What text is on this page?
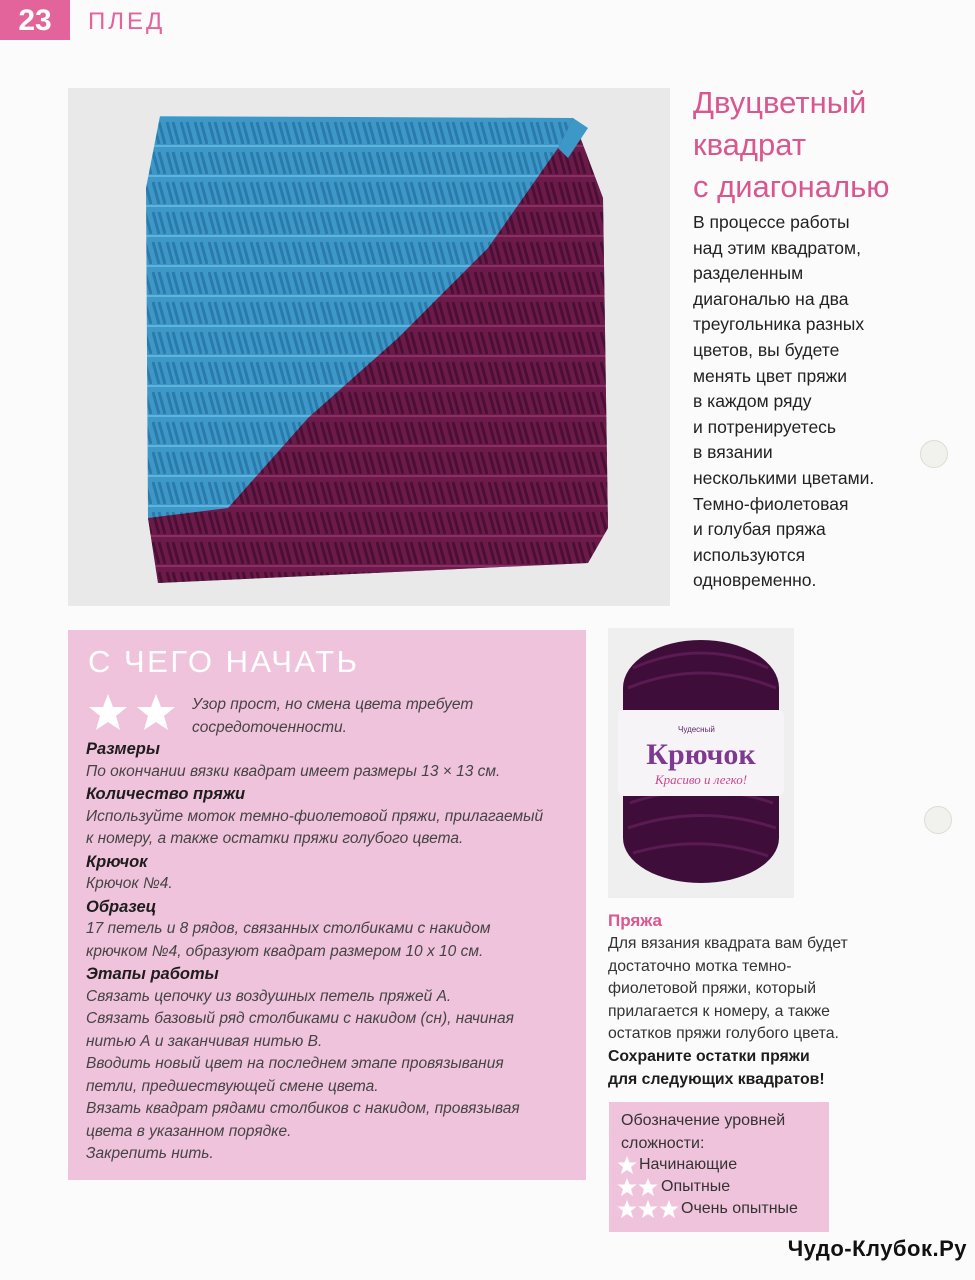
23	ПЛЕД
Двуцветный
квадрат
с диагональю
В процессе работы
над этим квадратом,
разделенным
диагональю на два
треугольника разных
цветов, вы будете
менять цвет пряжи
в каждом ряду
и потренируетесь
в вязании
несколькими цветами.
Темно-фиолетовая
и голубая пряжа
используются
одновременно.
С ЧЕГО НАЧАТЬ
Узор прост, но смена цвета требует
сосредоточенности.
Размеры
По окончании вязки квадрат имеет размеры 13 × 13 см.
Количество пряжи
Используйте моток темно-фиолетовой пряжи, прилагаемый
к номеру, а также остатки пряжи голубого цвета.
Крючок
Крючок №4.
Образец
17 петель и 8 рядов, связанных столбиками с накидом
крючком №4, образуют квадрат размером 10 х 10 см.
Этапы работы
Связать цепочку из воздушных петель пряжей А.
Связать базовый ряд столбиками с накидом (сн), начиная
нитью А и заканчивая нитью В.
Вводить новый цвет на последнем этапе провязывания
петли, предшествующей смене цвета.
Вязать квадрат рядами столбиков с накидом, провязывая
цвета в указанном порядке.
Закрепить нить.
Чудесный
Крючок
Красиво и легко!
Пряжа
Для вязания квадрата вам будет
достаточно мотка темно-
фиолетовой пряжи, который
прилагается к номеру, а также
остатков пряжи голубого цвета.
Сохраните остатки пряжи
для следующих квадратов!
Обозначение уровней
сложности:
Начинающие
Опытные
Очень опытные
Чудо-Клубок.Ру
